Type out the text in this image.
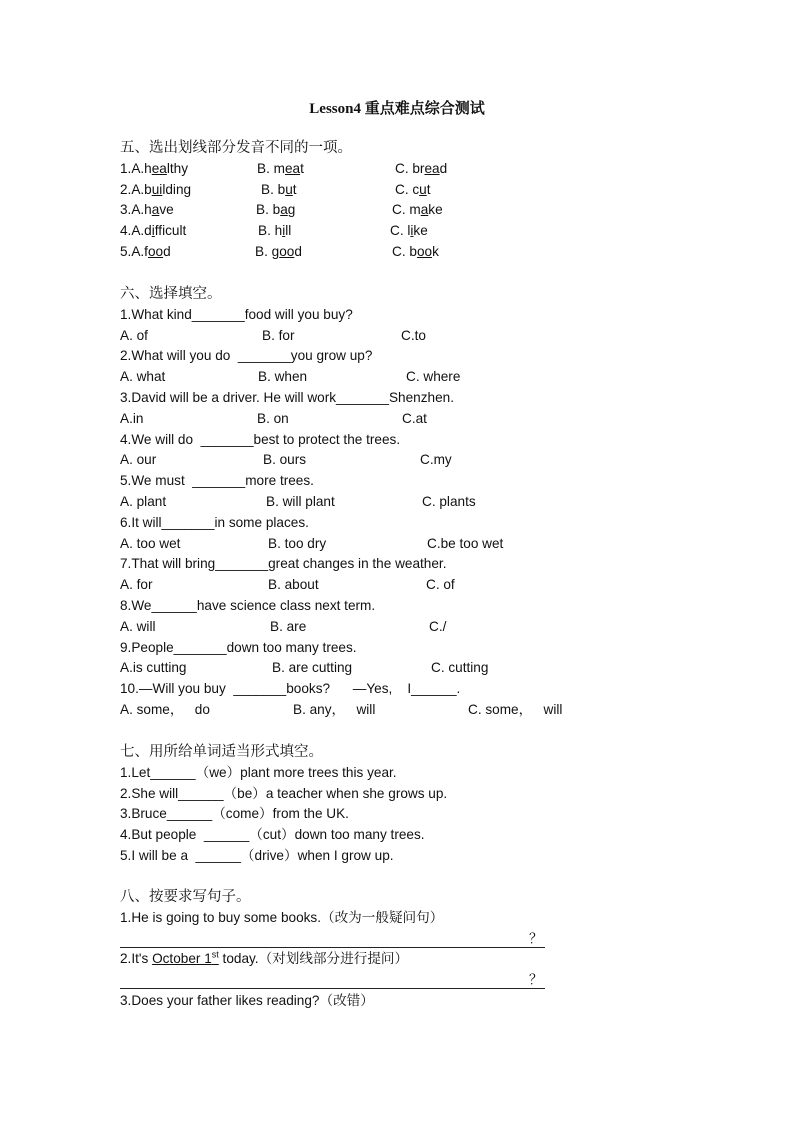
Lesson4 重点难点综合测试
五、选出划线部分发音不同的一项。
1.A.healthy	B. meat	C. bread
2.A.building	B. but	C. cut
3.A.have	B. bag	C. make
4.A.difficult	B. hill	C. like
5.A.food	B. good	C. book
六、选择填空。
1.What kind_______food will you buy?
A. of	B. for	C.to
2.What will you do  _______you grow up?
A. what	B. when	C. where
3.David will be a driver. He will work_______Shenzhen.
A.in	B. on	C.at
4.We will do  _______best to protect the trees.
A. our	B. ours	C.my
5.We must  _______more trees.
A. plant	B. will plant	C. plants
6.It will_______in some places.
A. too wet	B. too dry	C.be too wet
7.That will bring_______great changes in the weather.
A. for	B. about	C. of
8.We______have science class next term.
A. will	B. are	C./
9.People_______down too many trees.
A.is cutting	B. are cutting	C. cutting
10.—Will you buy  _______books?      —Yes,    I______.
A. some，   do	B. any，   will	C. some，   will
七、用所给单词适当形式填空。
1.Let______（we）plant more trees this year.
2.She will______（be）a teacher when she grows up.
3.Bruce______（come）from the UK.
4.But people  ______（cut）down too many trees.
5.I will be a  ______（drive）when I grow up.
八、按要求写句子。
1.He is going to buy some books.（改为一般疑问句）
？
2.It's October 1st today.（对划线部分进行提问）
？
3.Does your father likes reading?（改错）
